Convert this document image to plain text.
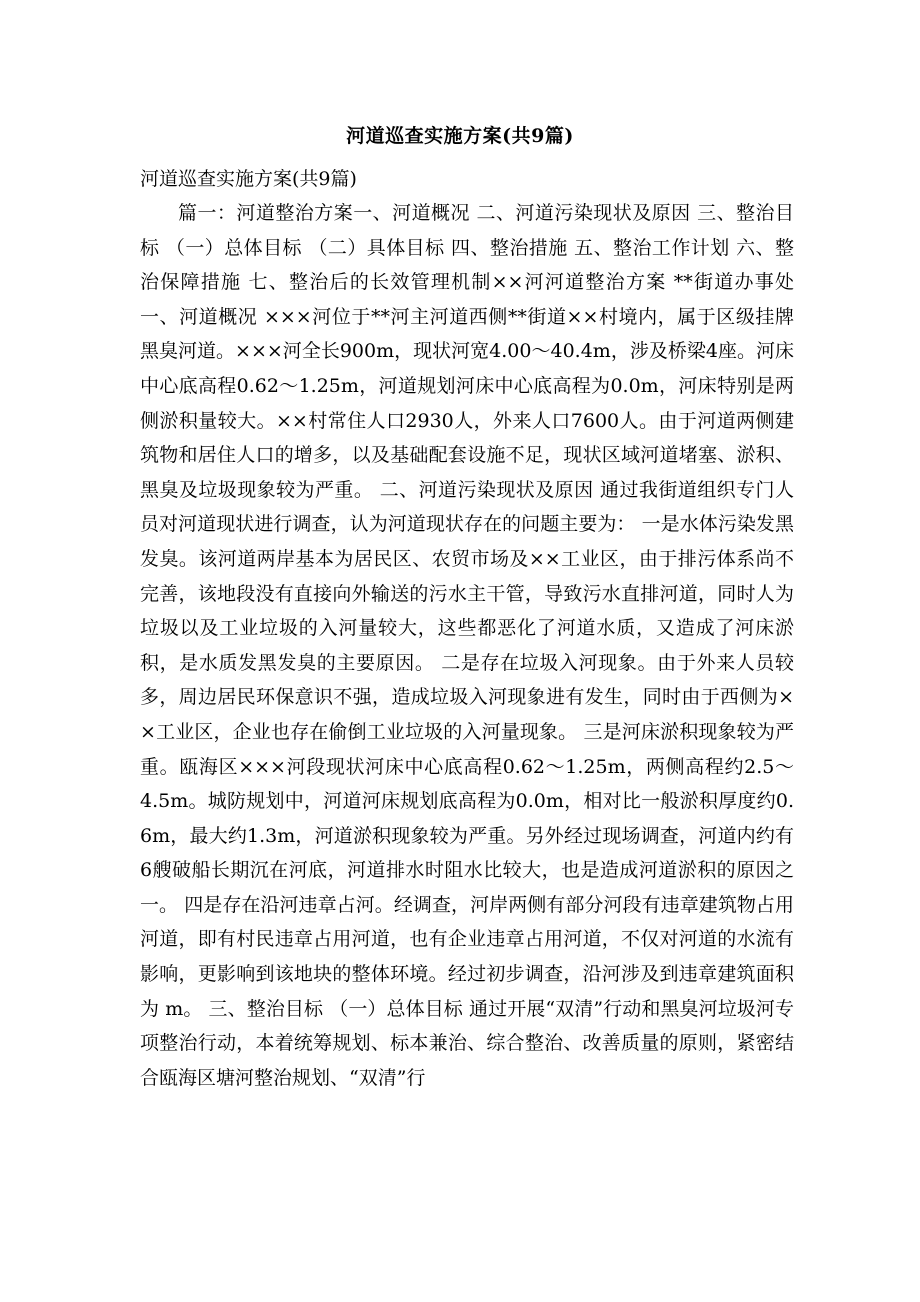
河道巡查实施方案(共9篇)
河道巡查实施方案(共9篇)

篇一：河道整治方案一、河道概况 二、河道污染现状及原因 三、整治目标 （一）总体目标 （二）具体目标 四、整治措施 五、整治工作计划 六、整治保障措施 七、整治后的长效管理机制××河河道整治方案 **街道办事处 一、河道概况 ×××河位于**河主河道西侧**街道××村境内，属于区级挂牌黑臭河道。×××河全长900m，现状河宽4.00～40.4m，涉及桥梁4座。河床中心底高程0.62～1.25m，河道规划河床中心底高程为0.0m，河床特别是两侧淤积量较大。××村常住人口2930人，外来人口7600人。由于河道两侧建筑物和居住人口的增多，以及基础配套设施不足，现状区域河道堵塞、淤积、黑臭及垃圾现象较为严重。 二、河道污染现状及原因 通过我街道组织专门人员对河道现状进行调查，认为河道现状存在的问题主要为： 一是水体污染发黑发臭。该河道两岸基本为居民区、农贸市场及××工业区，由于排污体系尚不完善，该地段没有直接向外输送的污水主干管，导致污水直排河道，同时人为垃圾以及工业垃圾的入河量较大，这些都恶化了河道水质，又造成了河床淤积，是水质发黑发臭的主要原因。 二是存在垃圾入河现象。由于外来人员较多，周边居民环保意识不强，造成垃圾入河现象进有发生，同时由于西侧为××工业区，企业也存在偷倒工业垃圾的入河量现象。 三是河床淤积现象较为严重。瓯海区×××河段现状河床中心底高程0.62～1.25m，两侧高程约2.5～4.5m。城防规划中，河道河床规划底高程为0.0m，相对比一般淤积厚度约0.6m，最大约1.3m，河道淤积现象较为严重。另外经过现场调查，河道内约有6艘破船长期沉在河底，河道排水时阻水比较大，也是造成河道淤积的原因之一。 四是存在沿河违章占河。经调查，河岸两侧有部分河段有违章建筑物占用河道，即有村民违章占用河道，也有企业违章占用河道，不仅对河道的水流有影响，更影响到该地块的整体环境。经过初步调查，沿河涉及到违章建筑面积为 m。 三、整治目标 （一）总体目标 通过开展“双清”行动和黑臭河垃圾河专项整治行动，本着统筹规划、标本兼治、综合整治、改善质量的原则，紧密结合瓯海区塘河整治规划、“双清”行
